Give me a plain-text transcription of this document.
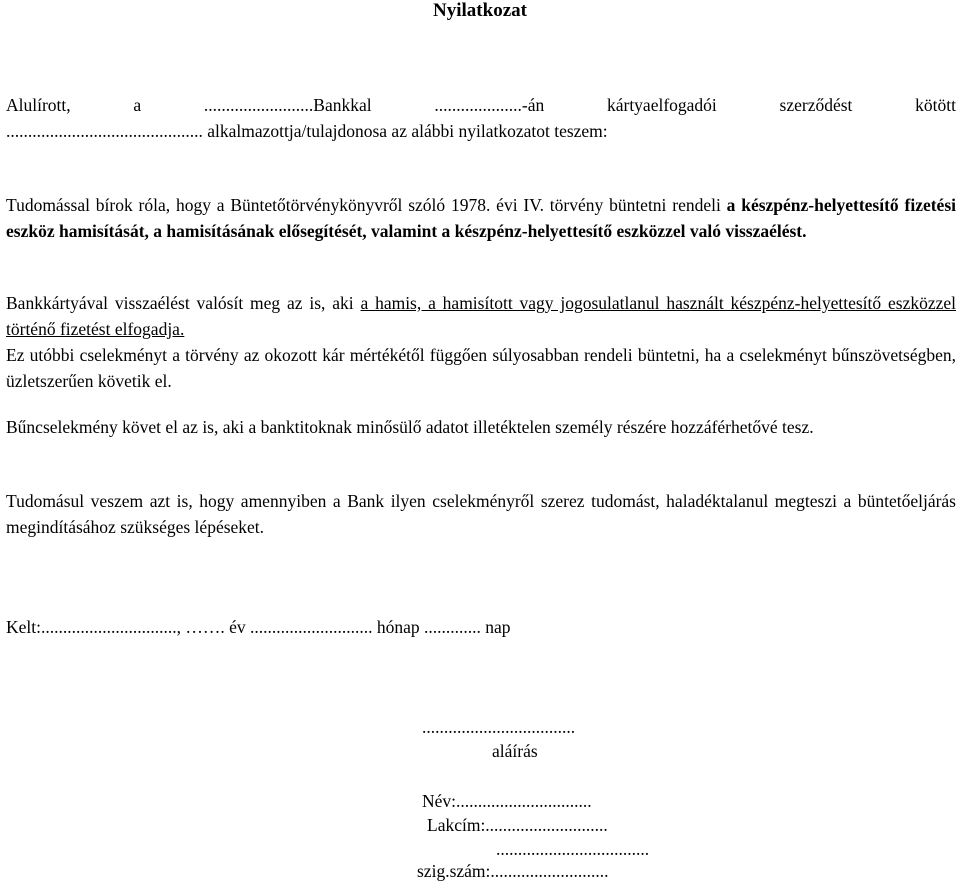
Nyilatkozat

Alulírott, a .........................Bankkal ....................-án kártyaelfogadói szerződést kötött

............................................. alkalmazottja/tulajdonosa az alábbi nyilatkozatot teszem:

Tudomással bírok róla, hogy a Büntetőtörvénykönyvről szóló 1978. évi IV. törvény büntetni rendeli a készpénz-helyettesítő fizetési eszköz hamisítását, a hamisításának elősegítését, valamint a készpénz-helyettesítő eszközzel való visszaélést.

Bankkártyával visszaélést valósít meg az is, aki a hamis, a hamisított vagy jogosulatlanul használt készpénz-helyettesítő eszközzel történő fizetést elfogadja.

Ez utóbbi cselekményt a törvény az okozott kár mértékétől függően súlyosabban rendeli büntetni, ha a cselekményt bűnszövetségben, üzletszerűen követik el.

Bűncselekmény követ el az is, aki a banktitoknak minősülő adatot illetéktelen személy részére hozzáférhetővé tesz.

Tudomásul veszem azt is, hogy amennyiben a Bank ilyen cselekményről szerez tudomást, haladéktalanul megteszi a büntetőeljárás megindításához szükséges lépéseket.

Kelt:..............................., ……. év ............................ hónap ............. nap
...................................
aláírás
Név:...............................
Lakcím:............................
...................................
szig.szám:...........................
